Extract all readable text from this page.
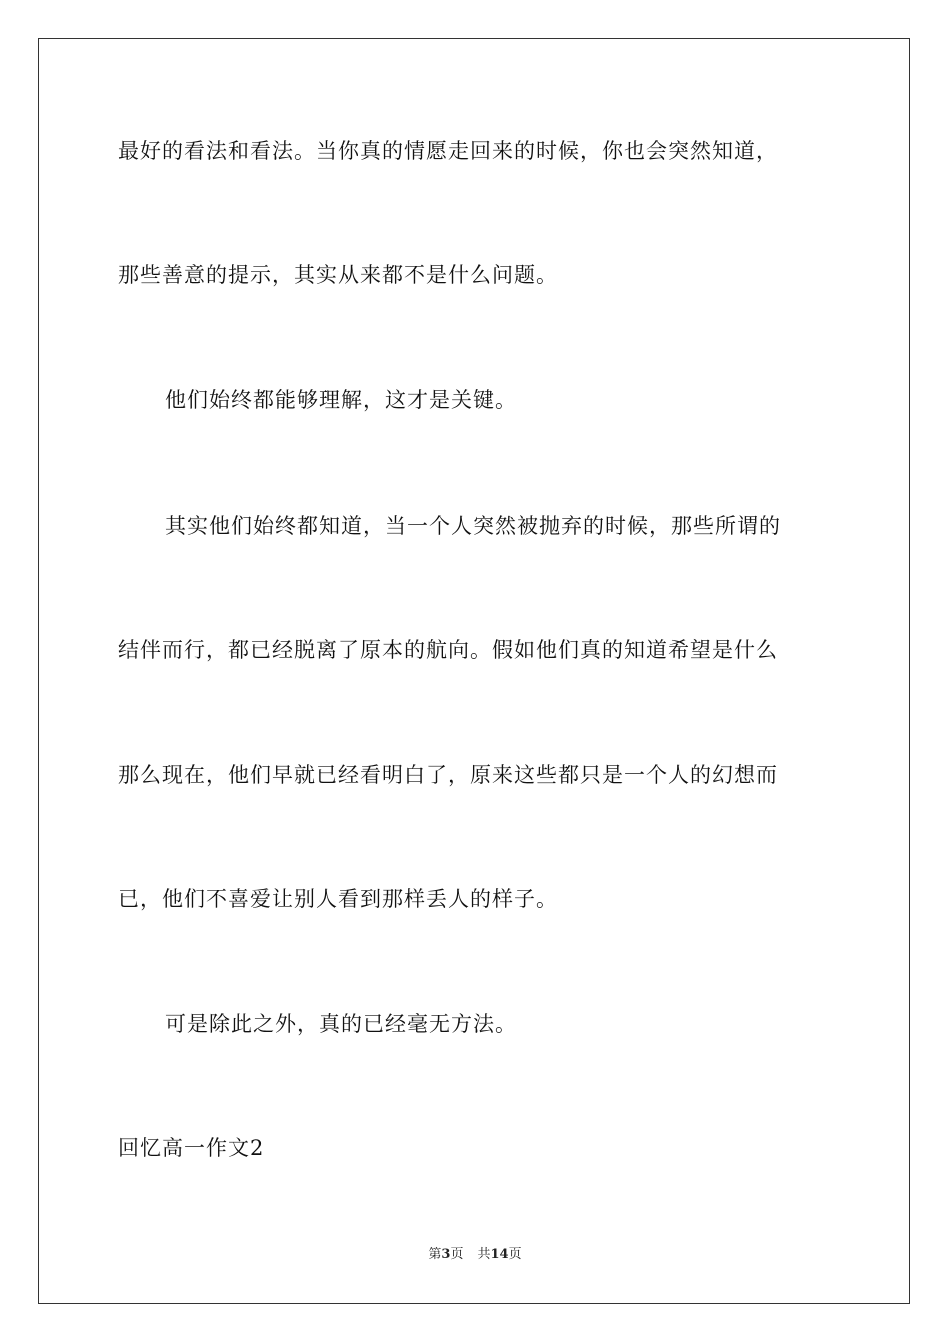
最好的看法和看法。当你真的情愿走回来的时候，你也会突然知道，
那些善意的提示，其实从来都不是什么问题。
他们始终都能够理解，这才是关键。
其实他们始终都知道，当一个人突然被抛弃的时候，那些所谓的
结伴而行，都已经脱离了原本的航向。假如他们真的知道希望是什么
那么现在，他们早就已经看明白了，原来这些都只是一个人的幻想而
已，他们不喜爱让别人看到那样丢人的样子。
可是除此之外，真的已经毫无方法。
回忆高一作文2
第3页 共14页
